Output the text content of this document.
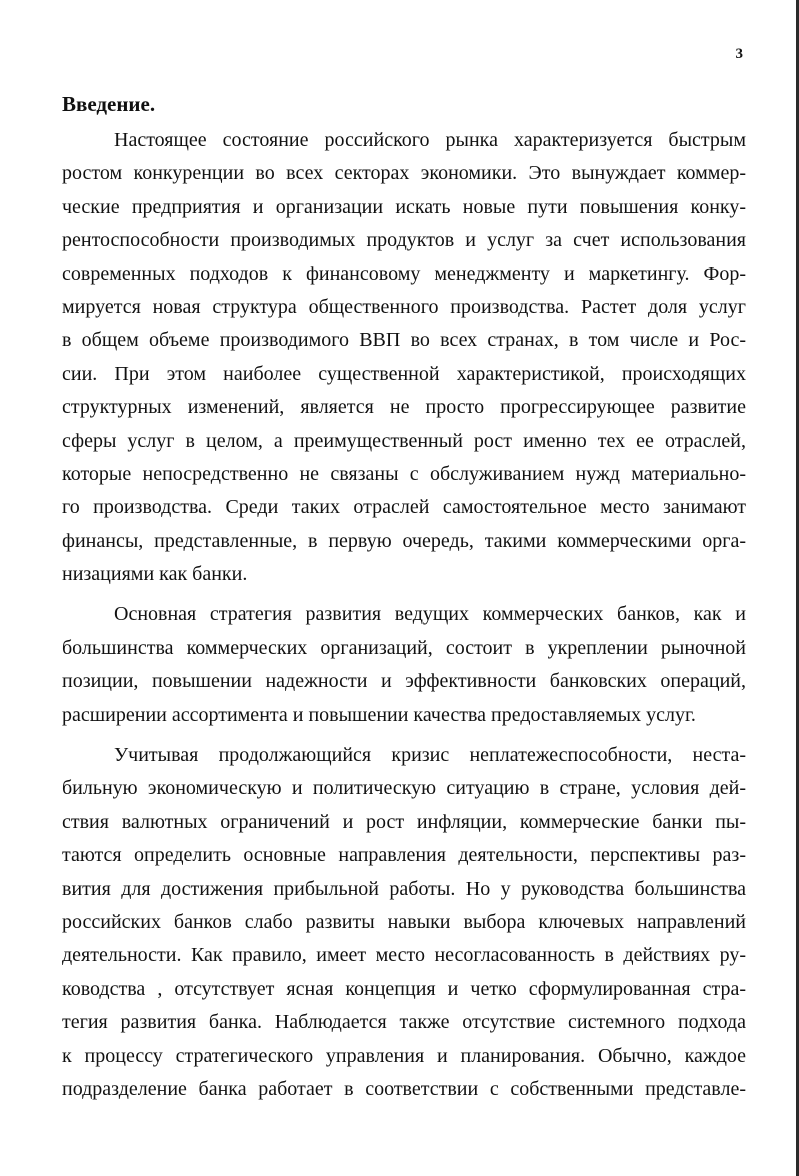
3
Введение.

Настоящее состояние российского рынка характеризуется быстрым
ростом конкуренции во всех секторах экономики. Это вынуждает коммер-
ческие предприятия и организации искать новые пути повышения конку-
рентоспособности производимых продуктов и услуг за счет использования
современных подходов к финансовому менеджменту и маркетингу. Фор-
мируется новая структура общественного производства. Растет доля услуг
в общем объеме производимого ВВП во всех странах, в том числе и Рос-
сии. При этом наиболее существенной характеристикой, происходящих
структурных изменений, является не просто прогрессирующее развитие
сферы услуг в целом, а преимущественный рост именно тех ее отраслей,
которые непосредственно не связаны с обслуживанием нужд материально-
го производства. Среди таких отраслей самостоятельное место занимают
финансы, представленные, в первую очередь, такими коммерческими орга-
низациями как банки.

Основная стратегия развития ведущих коммерческих банков, как и
большинства коммерческих организаций, состоит в укреплении рыночной
позиции, повышении надежности и эффективности банковских операций,
расширении ассортимента и повышении качества предоставляемых услуг.

Учитывая продолжающийся кризис неплатежеспособности, неста-
бильную экономическую и политическую ситуацию в стране, условия дей-
ствия валютных ограничений и рост инфляции, коммерческие банки пы-
таются определить основные направления деятельности, перспективы раз-
вития для достижения прибыльной работы. Но у руководства большинства
российских банков слабо развиты навыки выбора ключевых направлений
деятельности. Как правило, имеет место несогласованность в действиях ру-
ководства , отсутствует ясная концепция и четко сформулированная стра-
тегия развития банка. Наблюдается также отсутствие системного подхода
к процессу стратегического управления и планирования. Обычно, каждое
подразделение банка работает в соответствии с собственными представле-
